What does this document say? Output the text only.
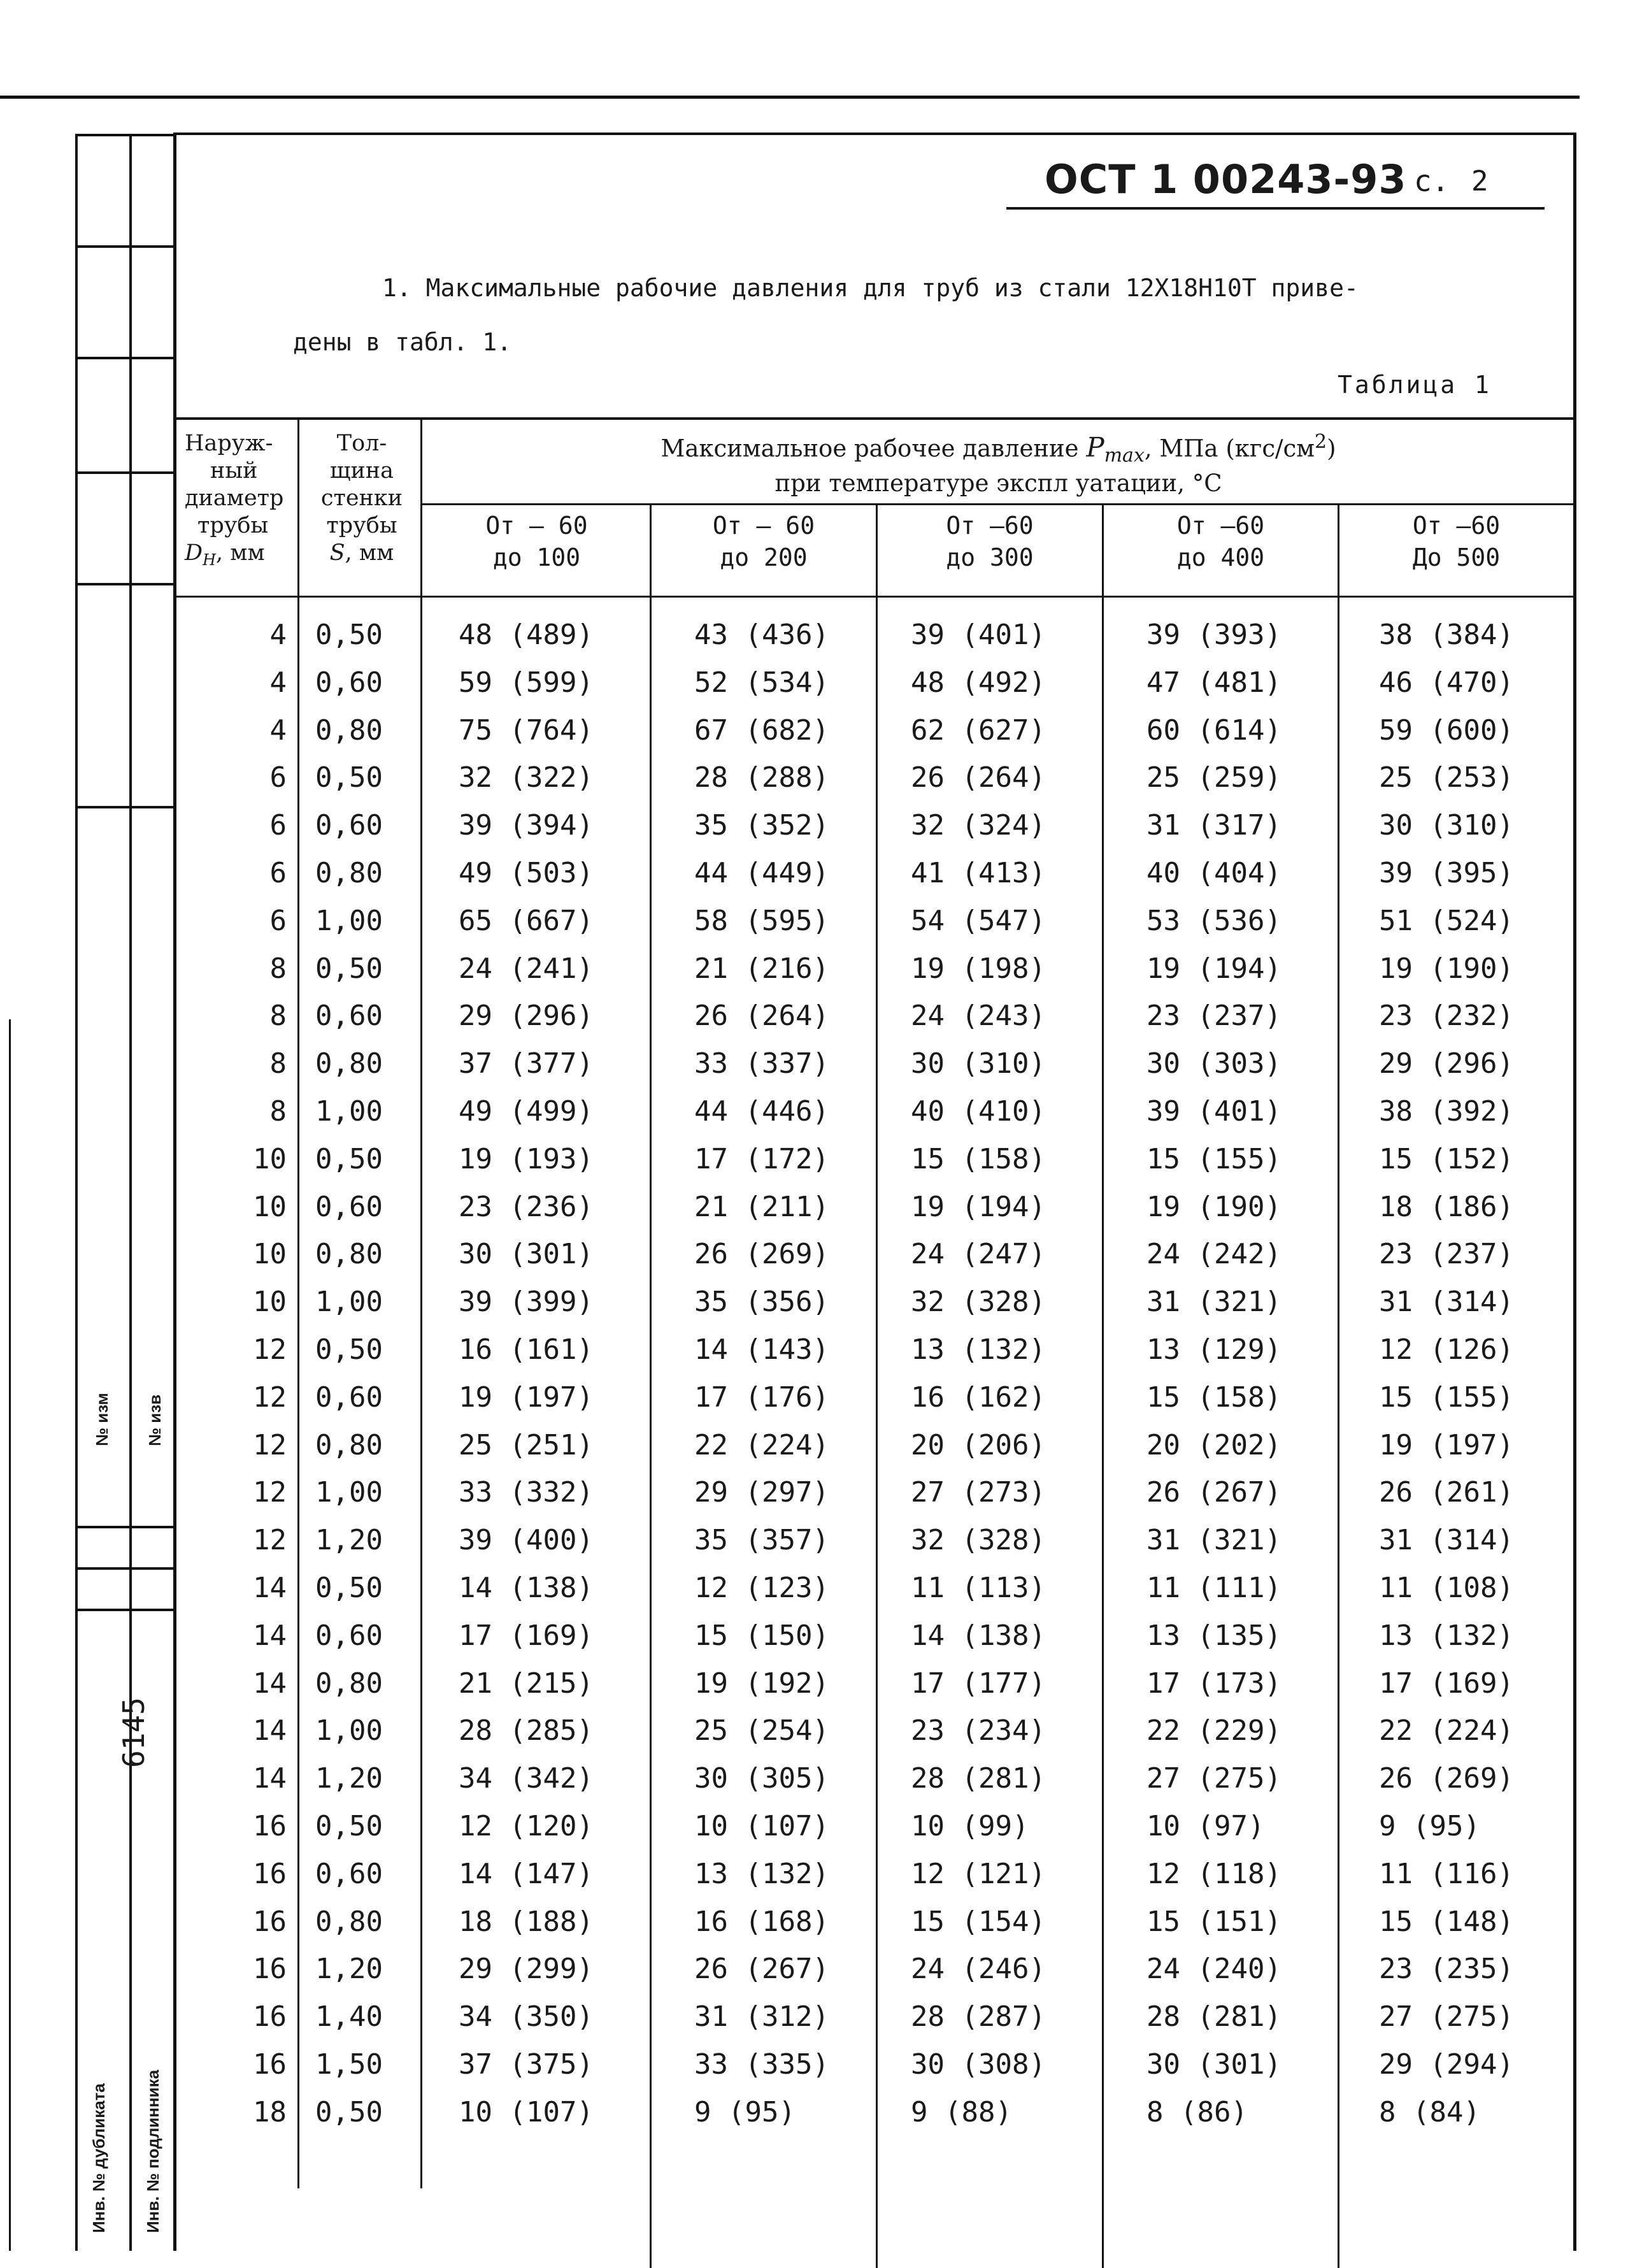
№ изм № изв
Инв. № дубликата Инв. № подлинника
6145
ОСТ 1 00243-93 с. 2
1. Максимальные рабочие давления для труб из стали 12Х18Н10Т приве-
дены в табл. 1.
Таблица 1
Наруж-
ный
диаметр
трубы
$D_Н$, мм
Тол-
щина
стенки
трубы
S, мм
Максимальное рабочее давление $P_{max}$, МПа $(кгс/см^2)$
при температуре экспл уатации, °С
От – 60
до 100
От – 60
до 200
От –60
до 300
От –60
до 400
От –60
До 500
4 0,50	48 (489)	43 (436)	39 (401)	39 (393)	38 (384)
4 0,60	59 (599)	52 (534)	48 (492)	47 (481)	46 (470)
4 0,80	75 (764)	67 (682)	62 (627)	60 (614)	59 (600)
6 0,50	32 (322)	28 (288)	26 (264)	25 (259)	25 (253)
6 0,60	39 (394)	35 (352)	32 (324)	31 (317)	30 (310)
6 0,80	49 (503)	44 (449)	41 (413)	40 (404)	39 (395)
6 1,00	65 (667)	58 (595)	54 (547)	53 (536)	51 (524)
8 0,50	24 (241)	21 (216)	19 (198)	19 (194)	19 (190)
8 0,60	29 (296)	26 (264)	24 (243)	23 (237)	23 (232)
8 0,80	37 (377)	33 (337)	30 (310)	30 (303)	29 (296)
8 1,00	49 (499)	44 (446)	40 (410)	39 (401)	38 (392)
10 0,50	19 (193)	17 (172)	15 (158)	15 (155)	15 (152)
10 0,60	23 (236)	21 (211)	19 (194)	19 (190)	18 (186)
10 0,80	30 (301)	26 (269)	24 (247)	24 (242)	23 (237)
10 1,00	39 (399)	35 (356)	32 (328)	31 (321)	31 (314)
12 0,50	16 (161)	14 (143)	13 (132)	13 (129)	12 (126)
12 0,60	19 (197)	17 (176)	16 (162)	15 (158)	15 (155)
12 0,80	25 (251)	22 (224)	20 (206)	20 (202)	19 (197)
12 1,00	33 (332)	29 (297)	27 (273)	26 (267)	26 (261)
12 1,20	39 (400)	35 (357)	32 (328)	31 (321)	31 (314)
14 0,50	14 (138)	12 (123)	11 (113)	11 (111)	11 (108)
14 0,60	17 (169)	15 (150)	14 (138)	13 (135)	13 (132)
14 0,80	21 (215)	19 (192)	17 (177)	17 (173)	17 (169)
14 1,00	28 (285)	25 (254)	23 (234)	22 (229)	22 (224)
14 1,20	34 (342)	30 (305)	28 (281)	27 (275)	26 (269)
16 0,50	12 (120)	10 (107)	10 (99)	10 (97)	9 (95)
16 0,60	14 (147)	13 (132)	12 (121)	12 (118)	11 (116)
16 0,80	18 (188)	16 (168)	15 (154)	15 (151)	15 (148)
16 1,20	29 (299)	26 (267)	24 (246)	24 (240)	23 (235)
16 1,40	34 (350)	31 (312)	28 (287)	28 (281)	27 (275)
16 1,50	37 (375)	33 (335)	30 (308)	30 (301)	29 (294)
18 0,50	10 (107)	9 (95)	9 (88)	8 (86)	8 (84)
